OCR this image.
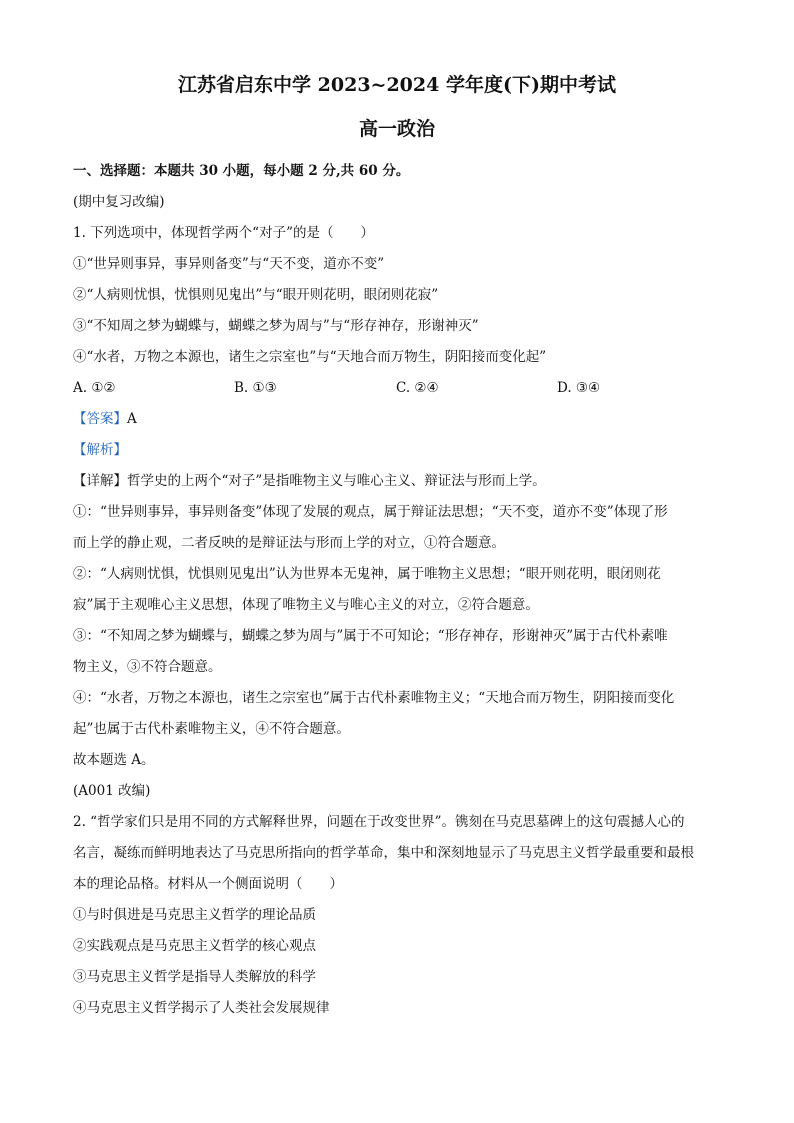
江苏省启东中学 2023~2024 学年度(下)期中考试
高一政治
一、选择题：本题共 30 小题，每小题 2 分,共 60 分。
(期中复习改编)
1. 下列选项中，体现哲学两个“对子”的是（　　）
①“世异则事异，事异则备变”与“天不变，道亦不变”
②“人病则忧惧，忧惧则见鬼出”与“眼开则花明，眼闭则花寂”
③“不知周之梦为蝴蝶与，蝴蝶之梦为周与”与“形存神存，形谢神灭”
④“水者，万物之本源也，诸生之宗室也”与“天地合而万物生，阴阳接而变化起”
A. ①②	B. ①③	C. ②④	D. ③④
【答案】A
【解析】
【详解】哲学史的上两个“对子”是指唯物主义与唯心主义、辩证法与形而上学。
①：“世异则事异，事异则备变”体现了发展的观点，属于辩证法思想；“天不变，道亦不变”体现了形
而上学的静止观，二者反映的是辩证法与形而上学的对立，①符合题意。
②：“人病则忧惧，忧惧则见鬼出”认为世界本无鬼神，属于唯物主义思想；“眼开则花明，眼闭则花
寂”属于主观唯心主义思想，体现了唯物主义与唯心主义的对立，②符合题意。
③：“不知周之梦为蝴蝶与，蝴蝶之梦为周与”属于不可知论；“形存神存，形谢神灭”属于古代朴素唯
物主义，③不符合题意。
④：“水者，万物之本源也，诸生之宗室也”属于古代朴素唯物主义；“天地合而万物生，阴阳接而变化
起”也属于古代朴素唯物主义，④不符合题意。
故本题选 A。
(A001 改编)
2. “哲学家们只是用不同的方式解释世界，问题在于改变世界”。镌刻在马克思墓碑上的这句震撼人心的
名言，凝练而鲜明地表达了马克思所指向的哲学革命，集中和深刻地显示了马克思主义哲学最重要和最根
本的理论品格。材料从一个侧面说明（　　）
①与时俱进是马克思主义哲学的理论品质
②实践观点是马克思主义哲学的核心观点
③马克思主义哲学是指导人类解放的科学
④马克思主义哲学揭示了人类社会发展规律
